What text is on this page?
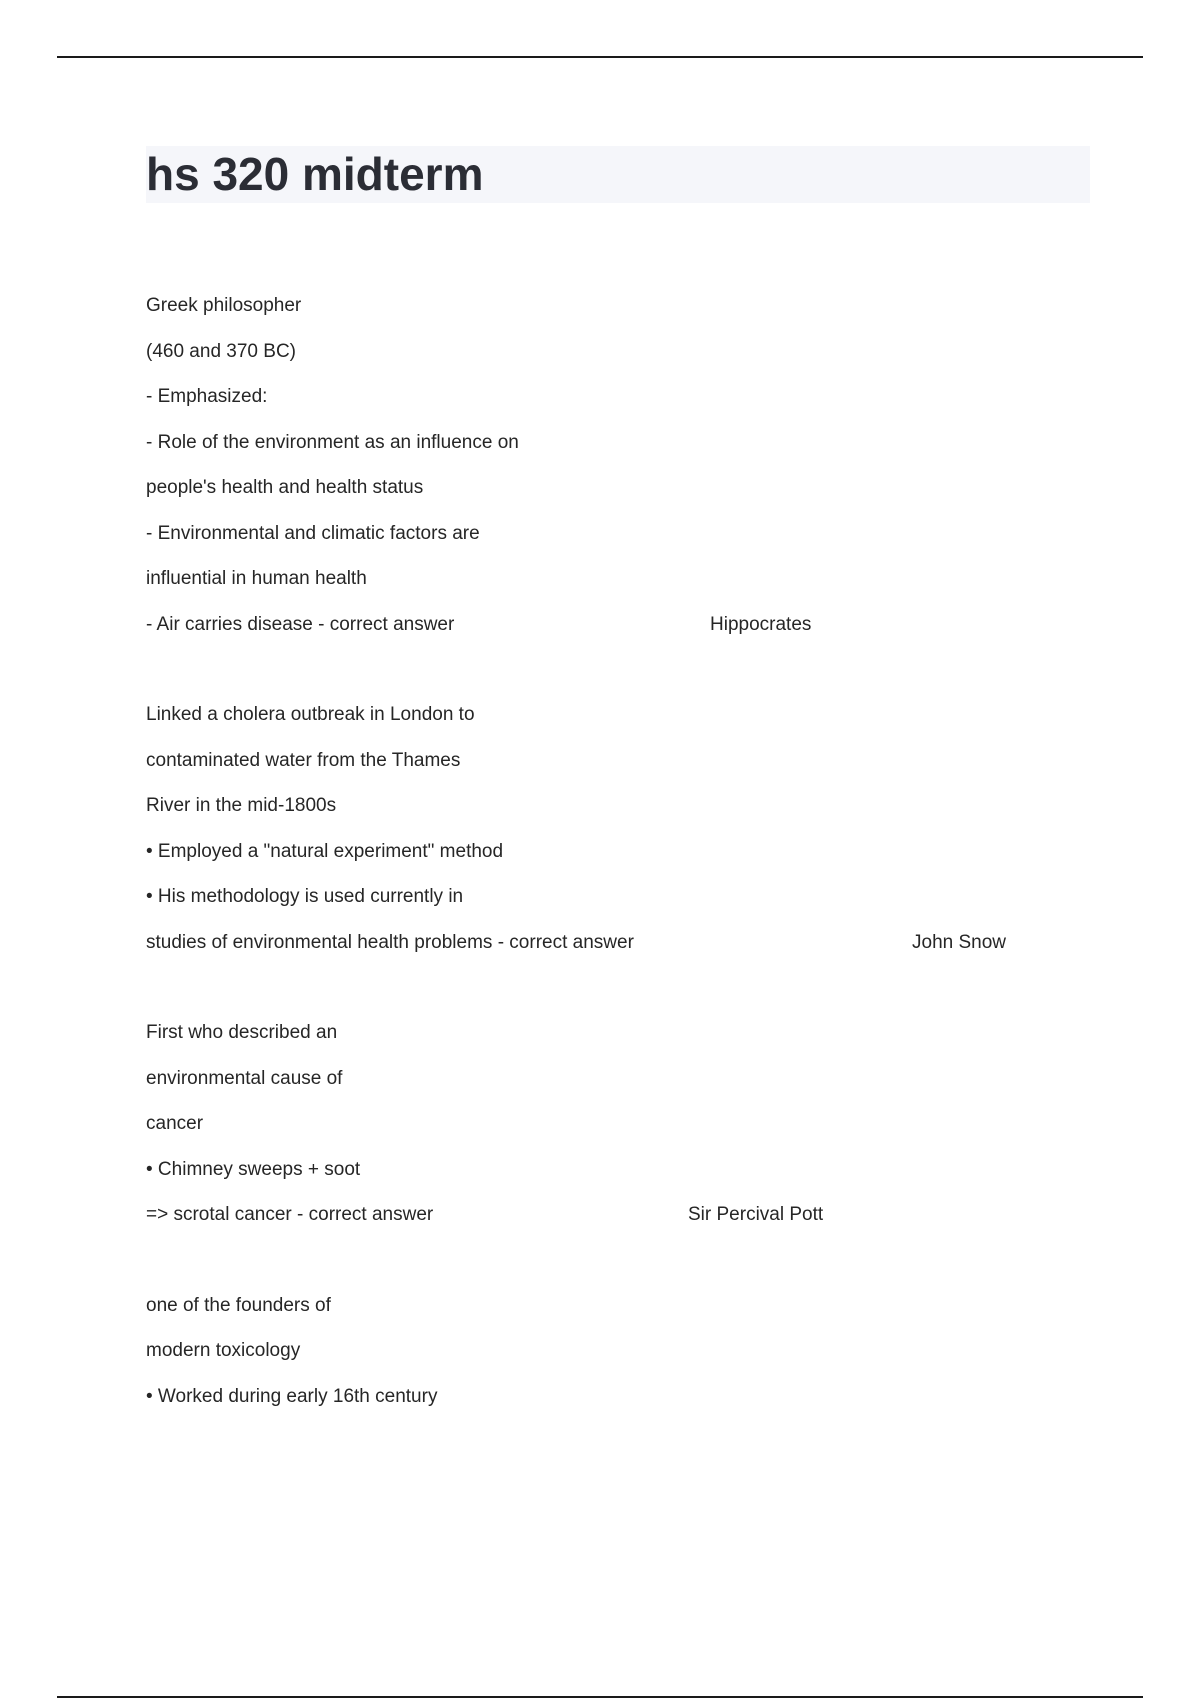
hs 320 midterm
Greek philosopher
(460 and 370 BC)
- Emphasized:
- Role of the environment as an influence on
people's health and health status
- Environmental and climatic factors are
influential in human health
- Air carries disease - correct answer	Hippocrates
Linked a cholera outbreak in London to
contaminated water from the Thames
River in the mid-1800s
• Employed a "natural experiment" method
• His methodology is used currently in
studies of environmental health problems - correct answer	John Snow
First who described an
environmental cause of
cancer
• Chimney sweeps + soot
=> scrotal cancer - correct answer	Sir Percival Pott
one of the founders of
modern toxicology
• Worked during early 16th century
